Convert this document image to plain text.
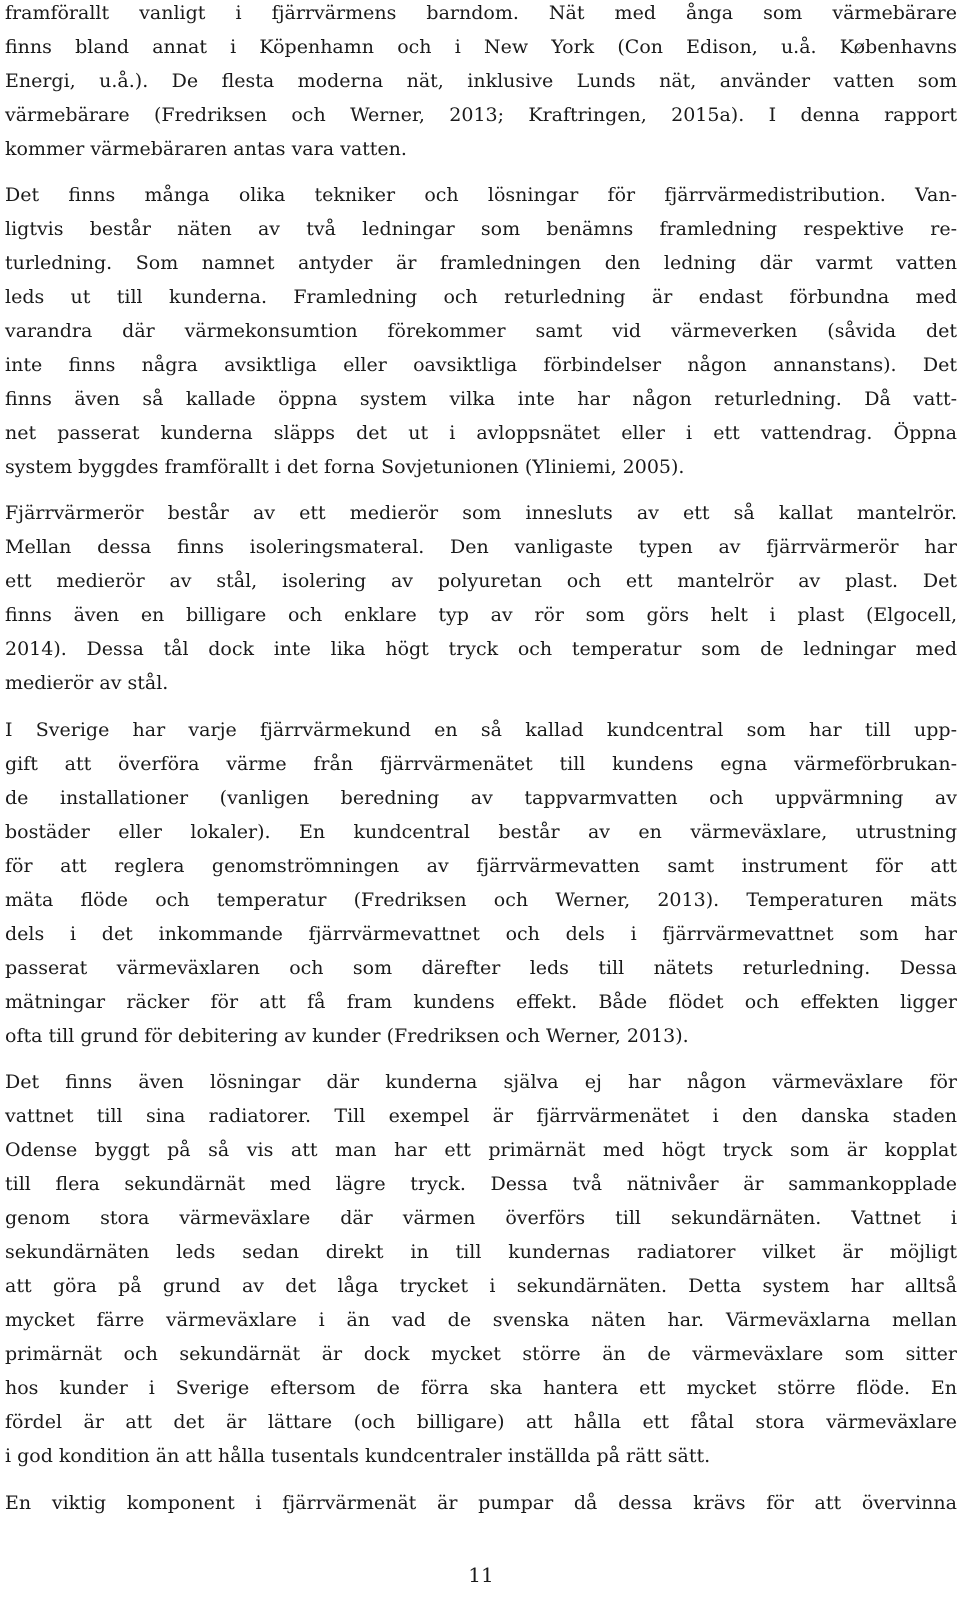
framförallt vanligt i fjärrvärmens barndom. Nät med ånga som värmebärare
finns bland annat i Köpenhamn och i New York (Con Edison, u.å. Københavns
Energi, u.å.). De flesta moderna nät, inklusive Lunds nät, använder vatten som
värmebärare (Fredriksen och Werner, 2013; Kraftringen, 2015a). I denna rapport
kommer värmebäraren antas vara vatten.
Det finns många olika tekniker och lösningar för fjärrvärmedistribution. Van-
ligtvis består näten av två ledningar som benämns framledning respektive re-
turledning. Som namnet antyder är framledningen den ledning där varmt vatten
leds ut till kunderna. Framledning och returledning är endast förbundna med
varandra där värmekonsumtion förekommer samt vid värmeverken (såvida det
inte finns några avsiktliga eller oavsiktliga förbindelser någon annanstans). Det
finns även så kallade öppna system vilka inte har någon returledning. Då vatt-
net passerat kunderna släpps det ut i avloppsnätet eller i ett vattendrag. Öppna
system byggdes framförallt i det forna Sovjetunionen (Yliniemi, 2005).
Fjärrvärmerör består av ett medierör som innesluts av ett så kallat mantelrör.
Mellan dessa finns isoleringsmateral. Den vanligaste typen av fjärrvärmerör har
ett medierör av stål, isolering av polyuretan och ett mantelrör av plast. Det
finns även en billigare och enklare typ av rör som görs helt i plast (Elgocell,
2014). Dessa tål dock inte lika högt tryck och temperatur som de ledningar med
medierör av stål.
I Sverige har varje fjärrvärmekund en så kallad kundcentral som har till upp-
gift att överföra värme från fjärrvärmenätet till kundens egna värmeförbrukan-
de installationer (vanligen beredning av tappvarmvatten och uppvärmning av
bostäder eller lokaler). En kundcentral består av en värmeväxlare, utrustning
för att reglera genomströmningen av fjärrvärmevatten samt instrument för att
mäta flöde och temperatur (Fredriksen och Werner, 2013). Temperaturen mäts
dels i det inkommande fjärrvärmevattnet och dels i fjärrvärmevattnet som har
passerat värmeväxlaren och som därefter leds till nätets returledning. Dessa
mätningar räcker för att få fram kundens effekt. Både flödet och effekten ligger
ofta till grund för debitering av kunder (Fredriksen och Werner, 2013).
Det finns även lösningar där kunderna själva ej har någon värmeväxlare för
vattnet till sina radiatorer. Till exempel är fjärrvärmenätet i den danska staden
Odense byggt på så vis att man har ett primärnät med högt tryck som är kopplat
till flera sekundärnät med lägre tryck. Dessa två nätnivåer är sammankopplade
genom stora värmeväxlare där värmen överförs till sekundärnäten. Vattnet i
sekundärnäten leds sedan direkt in till kundernas radiatorer vilket är möjligt
att göra på grund av det låga trycket i sekundärnäten. Detta system har alltså
mycket färre värmeväxlare i än vad de svenska näten har. Värmeväxlarna mellan
primärnät och sekundärnät är dock mycket större än de värmeväxlare som sitter
hos kunder i Sverige eftersom de förra ska hantera ett mycket större flöde. En
fördel är att det är lättare (och billigare) att hålla ett fåtal stora värmeväxlare
i god kondition än att hålla tusentals kundcentraler inställda på rätt sätt.
En viktig komponent i fjärrvärmenät är pumpar då dessa krävs för att övervinna
11
